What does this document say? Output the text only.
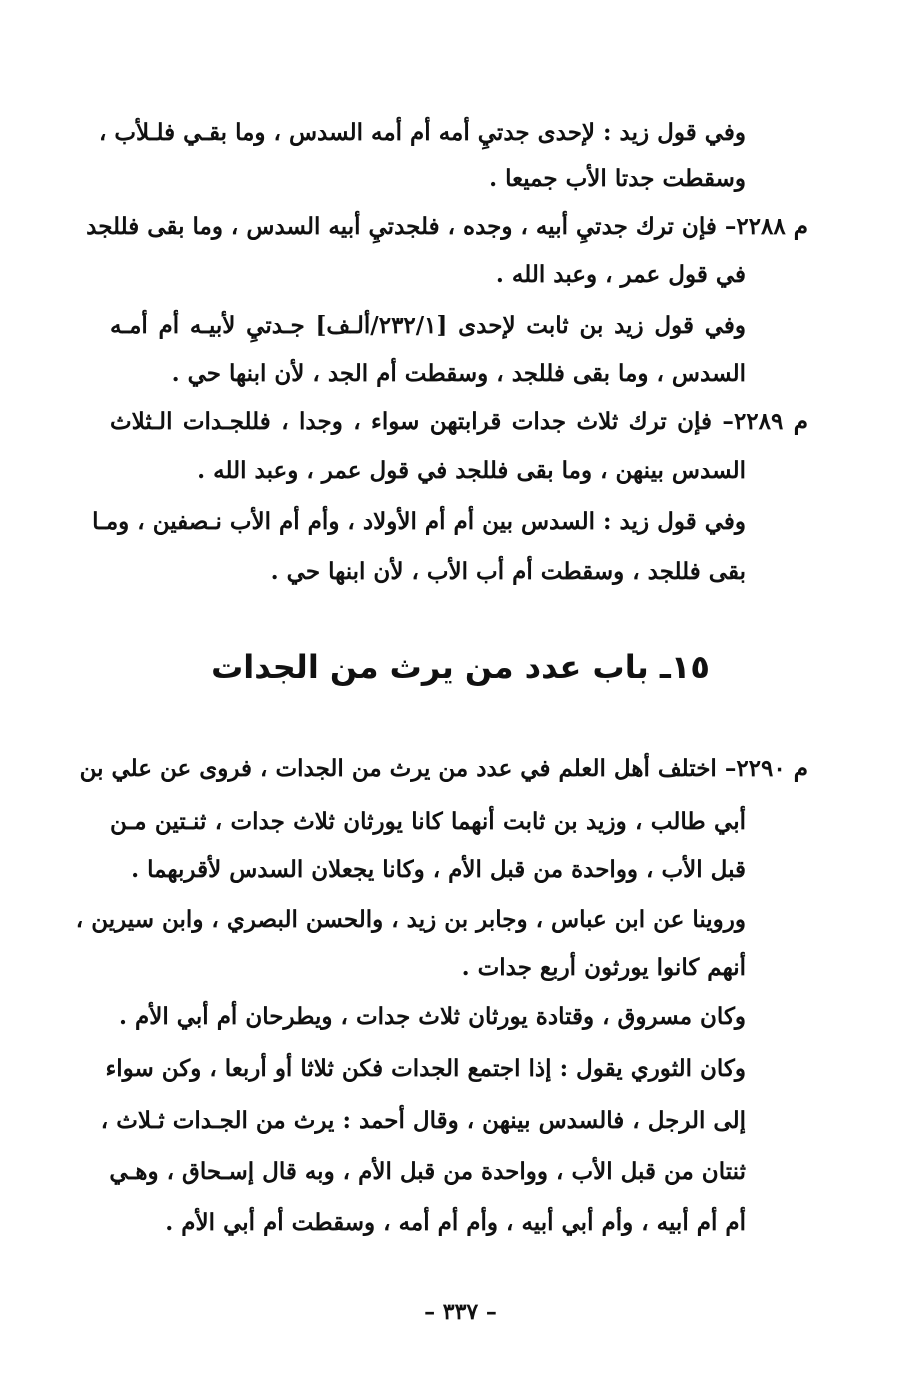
وفي قول زيد : لإحدى جدتيِ أمه أم أمه السدس ، وما بقـي فلـلأب ،
وسقطت جدتا الأب جميعا .
م ٢٢٨٨– فإن ترك جدتيِ أبيه ، وجده ، فلجدتيِ أبيه السدس ، وما بقى فللجد
في قول عمر ، وعبد الله .
وفي قول زيد بن ثابت لإحدى [٢٣٢/١/ألـف] جـدتيِ لأبيـه أم أمـه
السدس ، وما بقى فللجد ، وسقطت أم الجد ، لأن ابنها حي .
م ٢٢٨٩– فإن ترك ثلاث جدات قرابتهن سواء ، وجدا ، فللجـدات الـثلاث
السدس بينهن ، وما بقى فللجد في قول عمر ، وعبد الله .
وفي قول زيد : السدس بين أم أم الأولاد ، وأم أم الأب نـصفين ، ومـا
بقى فللجد ، وسقطت أم أب الأب ، لأن ابنها حي .
١٥ـ باب عدد من يرث من الجدات
م ٢٢٩٠– اختلف أهل العلم في عدد من يرث من الجدات ، فروى عن علي بن
أبي طالب ، وزيد بن ثابت أنهما كانا يورثان ثلاث جدات ، ثنـتين مـن
قبل الأب ، وواحدة من قبل الأم ، وكانا يجعلان السدس لأقربهما .
وروينا عن ابن عباس ، وجابر بن زيد ، والحسن البصري ، وابن سيرين ،
أنهم كانوا يورثون أربع جدات .
وكان مسروق ، وقتادة يورثان ثلاث جدات ، ويطرحان أم أبي الأم .
وكان الثوري يقول : إذا اجتمع الجدات فكن ثلاثا أو أربعا ، وكن سواء
إلى الرجل ، فالسدس بينهن ، وقال أحمد : يرث من الجـدات ثـلاث ،
ثنتان من قبل الأب ، وواحدة من قبل الأم ، وبه قال إسـحاق ، وهـي
أم أم أبيه ، وأم أبي أبيه ، وأم أم أمه ، وسقطت أم أبي الأم .
– ٣٣٧ –
